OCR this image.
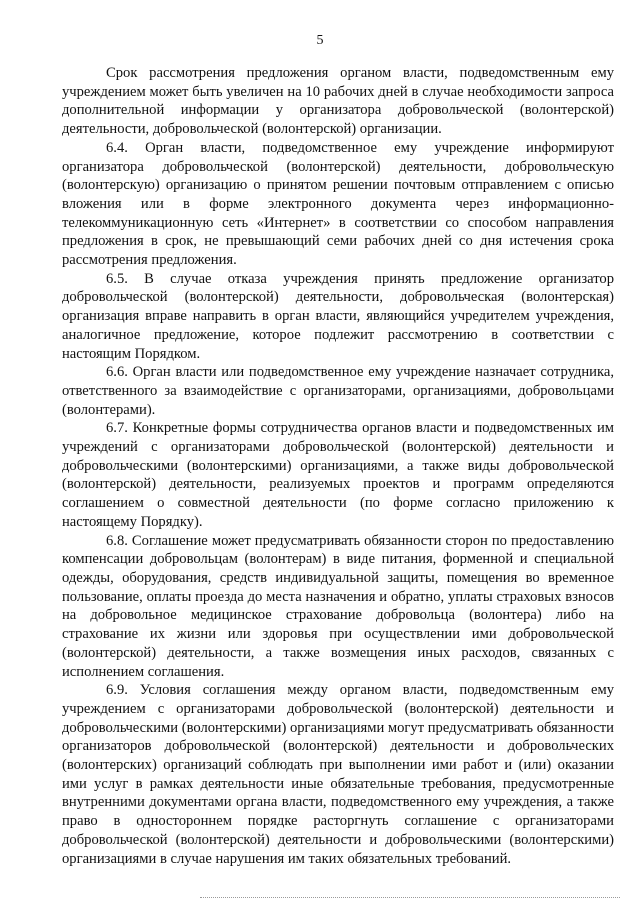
5

Срок рассмотрения предложения органом власти, подведомственным ему учреждением может быть увеличен на 10 рабочих дней в случае необходимости запроса дополнительной информации у организатора добровольческой (волонтерской) деятельности, добровольческой (волонтерской) организации.

6.4. Орган власти, подведомственное ему учреждение информируют организатора добровольческой (волонтерской) деятельности, добровольческую (волонтерскую) организацию о принятом решении почтовым отправлением с описью вложения или в форме электронного документа через информационно-телекоммуникационную сеть «Интернет» в соответствии со способом направления предложения в срок, не превышающий семи рабочих дней со дня истечения срока рассмотрения предложения.

6.5. В случае отказа учреждения принять предложение организатор добровольческой (волонтерской) деятельности, добровольческая (волонтерская) организация вправе направить в орган власти, являющийся учредителем учреждения, аналогичное предложение, которое подлежит рассмотрению в соответствии с настоящим Порядком.

6.6. Орган власти или подведомственное ему учреждение назначает сотрудника, ответственного за взаимодействие с организаторами, организациями, добровольцами (волонтерами).

6.7. Конкретные формы сотрудничества органов власти и подведомственных им учреждений с организаторами добровольческой (волонтерской) деятельности и добровольческими (волонтерскими) организациями, а также виды добровольческой (волонтерской) деятельности, реализуемых проектов и программ определяются соглашением о совместной деятельности (по форме согласно приложению к настоящему Порядку).

6.8. Соглашение может предусматривать обязанности сторон по предоставлению компенсации добровольцам (волонтерам) в виде питания, форменной и специальной одежды, оборудования, средств индивидуальной защиты, помещения во временное пользование, оплаты проезда до места назначения и обратно, уплаты страховых взносов на добровольное медицинское страхование добровольца (волонтера) либо на страхование их жизни или здоровья при осуществлении ими добровольческой (волонтерской) деятельности, а также возмещения иных расходов, связанных с исполнением соглашения.

6.9. Условия соглашения между органом власти, подведомственным ему учреждением с организаторами добровольческой (волонтерской) деятельности и добровольческими (волонтерскими) организациями могут предусматривать обязанности организаторов добровольческой (волонтерской) деятельности и добровольческих (волонтерских) организаций соблюдать при выполнении ими работ и (или) оказании ими услуг в рамках деятельности иные обязательные требования, предусмотренные внутренними документами органа власти, подведомственного ему учреждения, а также право в одностороннем порядке расторгнуть соглашение с организаторами добровольческой (волонтерской) деятельности и добровольческими (волонтерскими) организациями в случае нарушения им таких обязательных требований.
